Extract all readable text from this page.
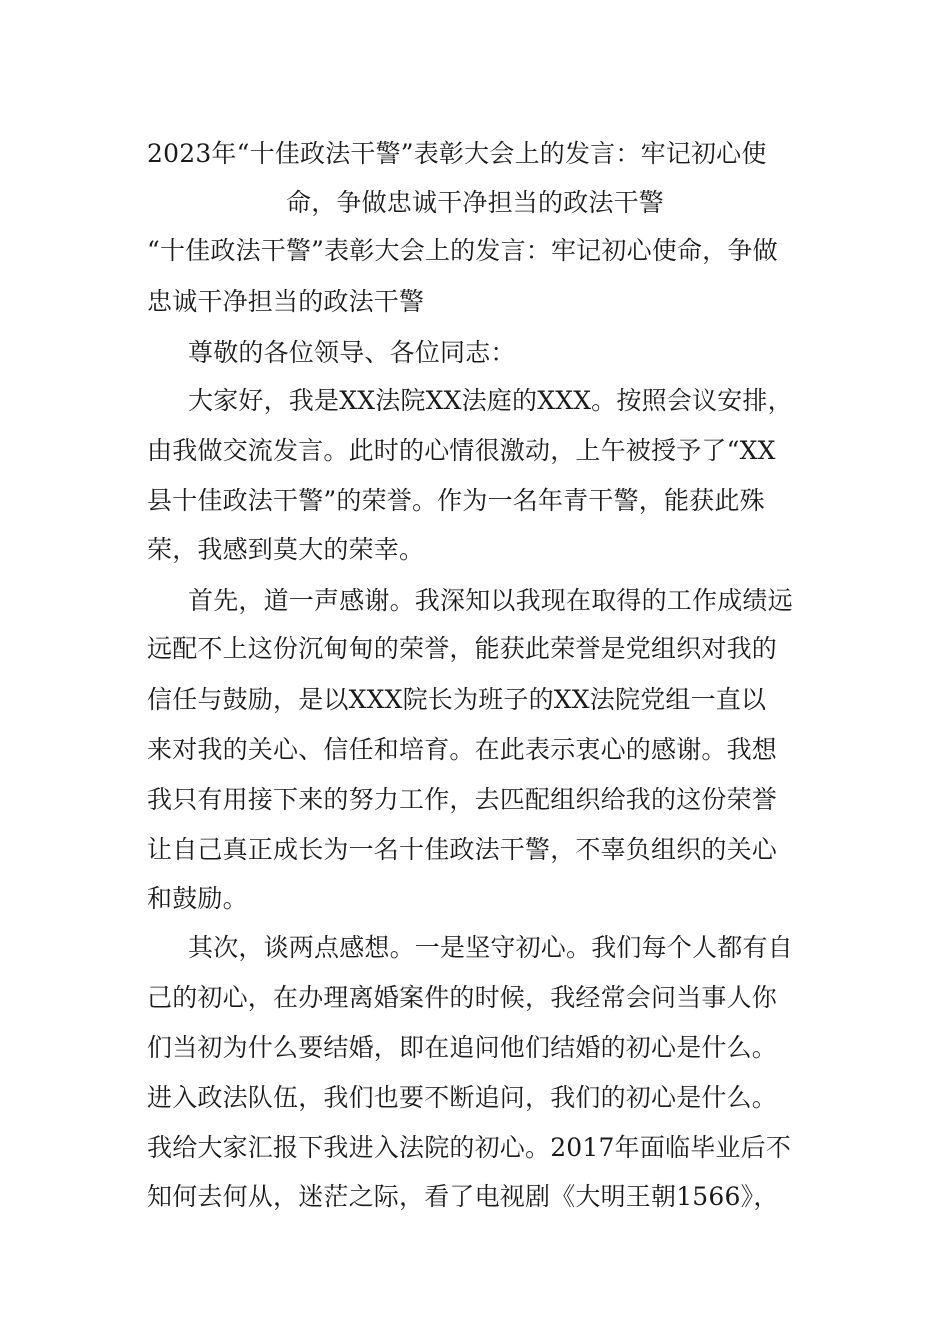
2023年“十佳政法干警”表彰大会上的发言：牢记初心使
命，争做忠诚干净担当的政法干警
“十佳政法干警”表彰大会上的发言：牢记初心使命，争做
忠诚干净担当的政法干警
尊敬的各位领导、各位同志：
大家好，我是XX法院XX法庭的XXX。按照会议安排，
由我做交流发言。此时的心情很激动，上午被授予了“XX
县十佳政法干警”的荣誉。作为一名年青干警，能获此殊
荣，我感到莫大的荣幸。
首先，道一声感谢。我深知以我现在取得的工作成绩远
远配不上这份沉甸甸的荣誉，能获此荣誉是党组织对我的
信任与鼓励，是以XXX院长为班子的XX法院党组一直以
来对我的关心、信任和培育。在此表示衷心的感谢。我想
我只有用接下来的努力工作，去匹配组织给我的这份荣誉
让自己真正成长为一名十佳政法干警，不辜负组织的关心
和鼓励。
其次，谈两点感想。一是坚守初心。我们每个人都有自
己的初心，在办理离婚案件的时候，我经常会问当事人你
们当初为什么要结婚，即在追问他们结婚的初心是什么。
进入政法队伍，我们也要不断追问，我们的初心是什么。
我给大家汇报下我进入法院的初心。2017年面临毕业后不
知何去何从，迷茫之际，看了电视剧《大明王朝1566》，
